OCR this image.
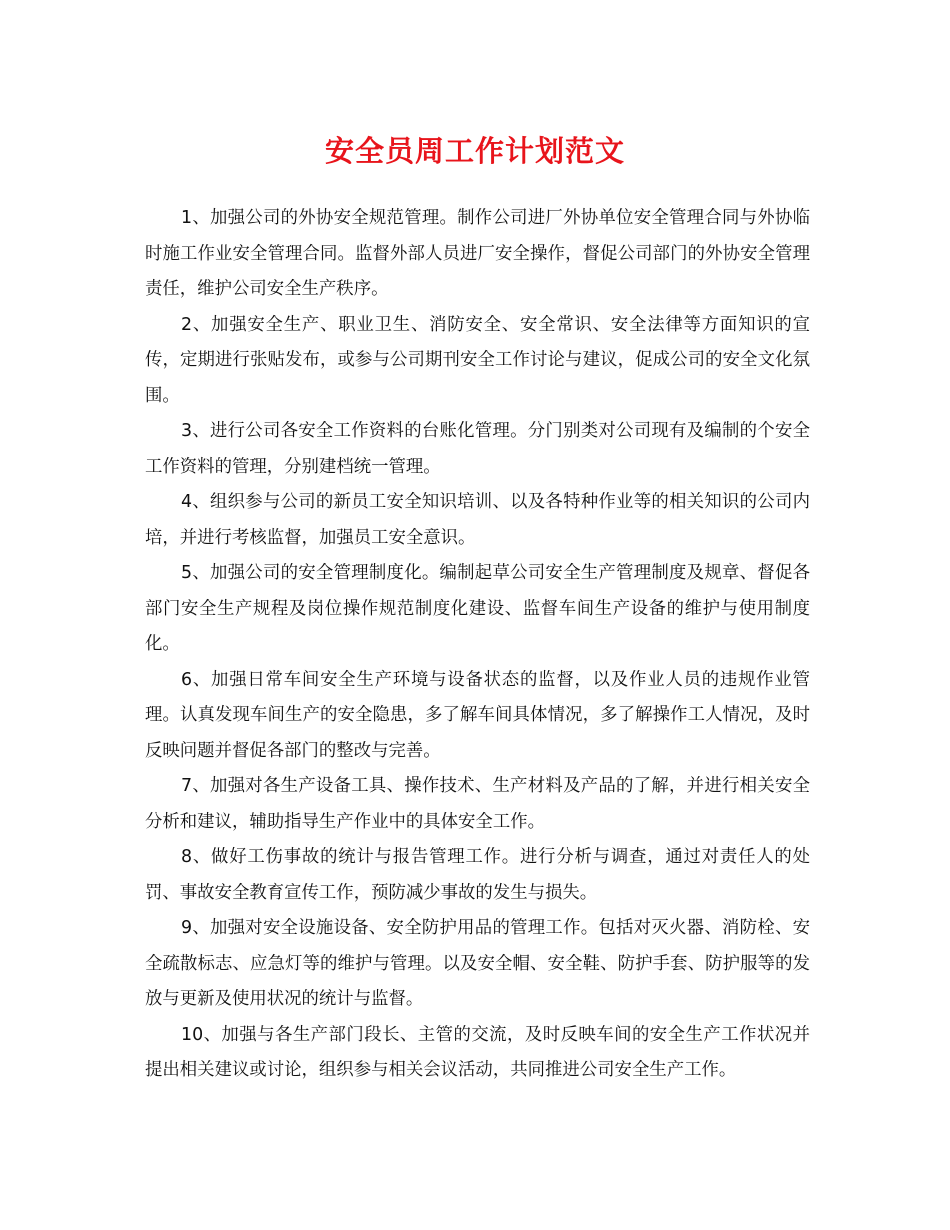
安全员周工作计划范文

1、加强公司的外协安全规范管理。制作公司进厂外协单位安全管理合同与外协临时施工作业安全管理合同。监督外部人员进厂安全操作，督促公司部门的外协安全管理责任，维护公司安全生产秩序。

2、加强安全生产、职业卫生、消防安全、安全常识、安全法律等方面知识的宣传，定期进行张贴发布，或参与公司期刊安全工作讨论与建议，促成公司的安全文化氛围。

3、进行公司各安全工作资料的台账化管理。分门别类对公司现有及编制的个安全工作资料的管理，分别建档统一管理。

4、组织参与公司的新员工安全知识培训、以及各特种作业等的相关知识的公司内培，并进行考核监督，加强员工安全意识。

5、加强公司的安全管理制度化。编制起草公司安全生产管理制度及规章、督促各部门安全生产规程及岗位操作规范制度化建设、监督车间生产设备的维护与使用制度化。

6、加强日常车间安全生产环境与设备状态的监督，以及作业人员的违规作业管理。认真发现车间生产的安全隐患，多了解车间具体情况，多了解操作工人情况，及时反映问题并督促各部门的整改与完善。

7、加强对各生产设备工具、操作技术、生产材料及产品的了解，并进行相关安全分析和建议，辅助指导生产作业中的具体安全工作。

8、做好工伤事故的统计与报告管理工作。进行分析与调查，通过对责任人的处罚、事故安全教育宣传工作，预防减少事故的发生与损失。

9、加强对安全设施设备、安全防护用品的管理工作。包括对灭火器、消防栓、安全疏散标志、应急灯等的维护与管理。以及安全帽、安全鞋、防护手套、防护服等的发放与更新及使用状况的统计与监督。

10、加强与各生产部门段长、主管的交流，及时反映车间的安全生产工作状况并提出相关建议或讨论，组织参与相关会议活动，共同推进公司安全生产工作。
